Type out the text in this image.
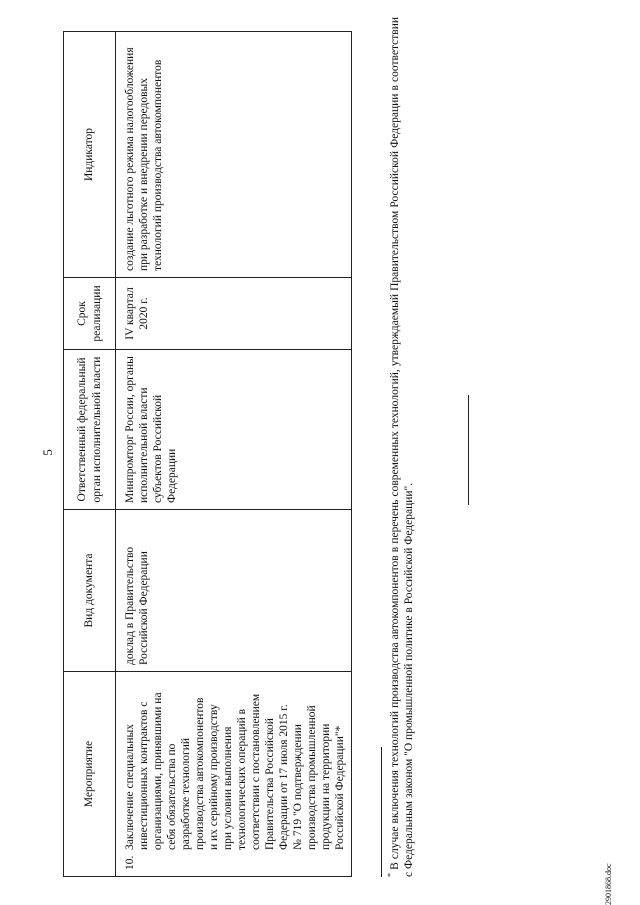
5
Мероприятие	Вид документа	Ответственный федеральный орган исполнительной власти	Срок реализации	Индикатор
10.Заключение специальных инвестиционных контрактов с организациями, принявшими на себя обязательства по разработке технологий производства автокомпонентов и их серийному производству при условии выполнения технологических операций в соответствии с постановлением Правительства Российской Федерации от 17 июля 2015 г. № 719 "О подтверждении производства промышленной продукции на территории Российской Федерации"*	доклад в Правительство Российской Федерации	Минпромторг России, органы исполнительной власти субъектов Российской Федерации	IV квартал 2020 г.	создание льготного режима налогообложения при разработке и внедрении передовых технологий производства автокомпонентов
* В случае включения технологий производства автокомпонентов в перечень современных технологий, утверждаемый Правительством Российской Федерации в соответствии с Федеральным законом "О промышленной политике в Российской Федерации".
2901868.doc
